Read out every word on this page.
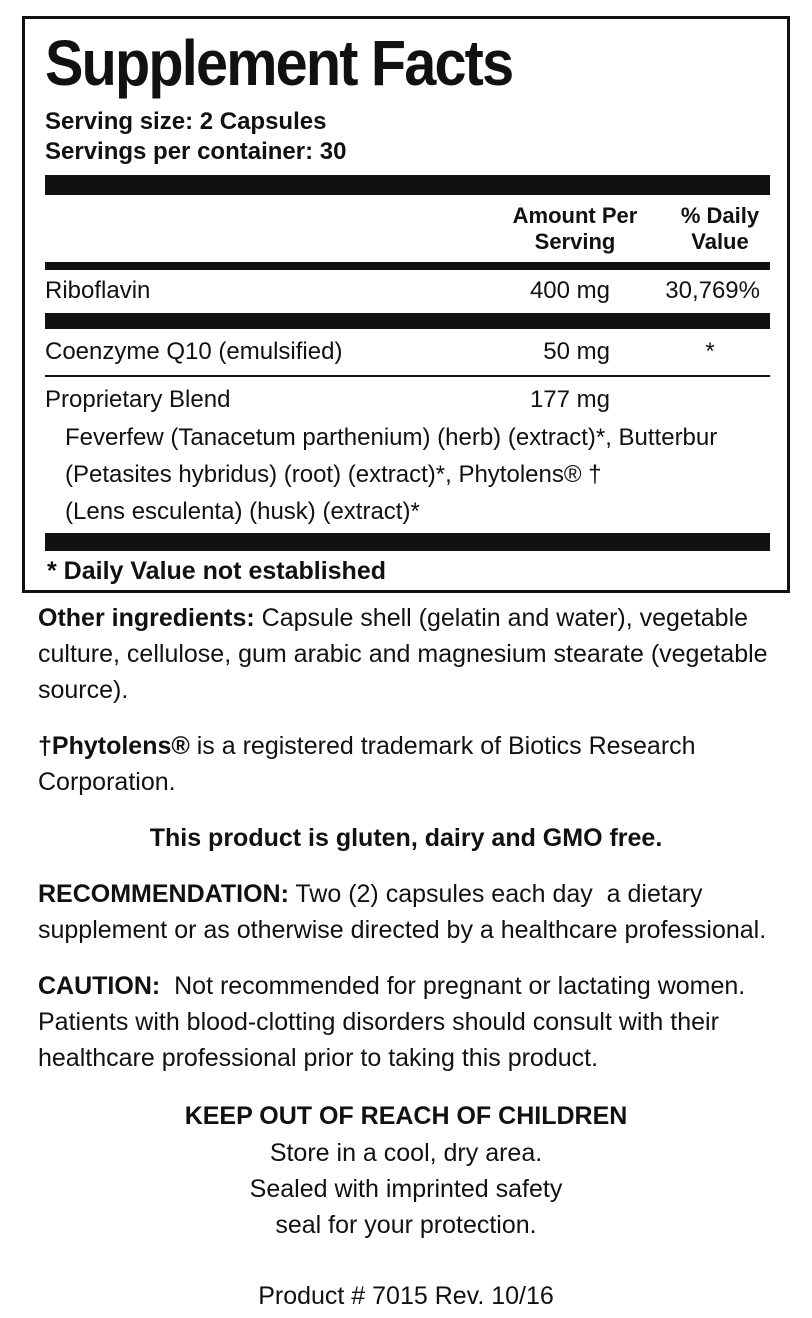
Supplement Facts
Serving size: 2 Capsules
Servings per container: 30
Amount Per Serving
% Daily Value
Riboflavin	400 mg	30,769%
Coenzyme Q10 (emulsified)	50 mg	*
Proprietary Blend	177 mg
Feverfew (Tanacetum parthenium) (herb) (extract)*, Butterbur
(Petasites hybridus) (root) (extract)*, Phytolens® †
(Lens esculenta) (husk) (extract)*
* Daily Value not established

Other ingredients: Capsule shell (gelatin and water), vegetable culture, cellulose, gum arabic and magnesium stearate (vegetable source).

†Phytolens® is a registered trademark of Biotics Research Corporation.

This product is gluten, dairy and GMO free.

RECOMMENDATION: Two (2) capsules each day  a dietary supplement or as otherwise directed by a healthcare professional.

CAUTION:  Not recommended for pregnant or lactating women. Patients with blood-clotting disorders should consult with their healthcare professional prior to taking this product.

KEEP OUT OF REACH OF CHILDREN
Store in a cool, dry area.
Sealed with imprinted safety
seal for your protection.
Product # 7015 Rev. 10/16
